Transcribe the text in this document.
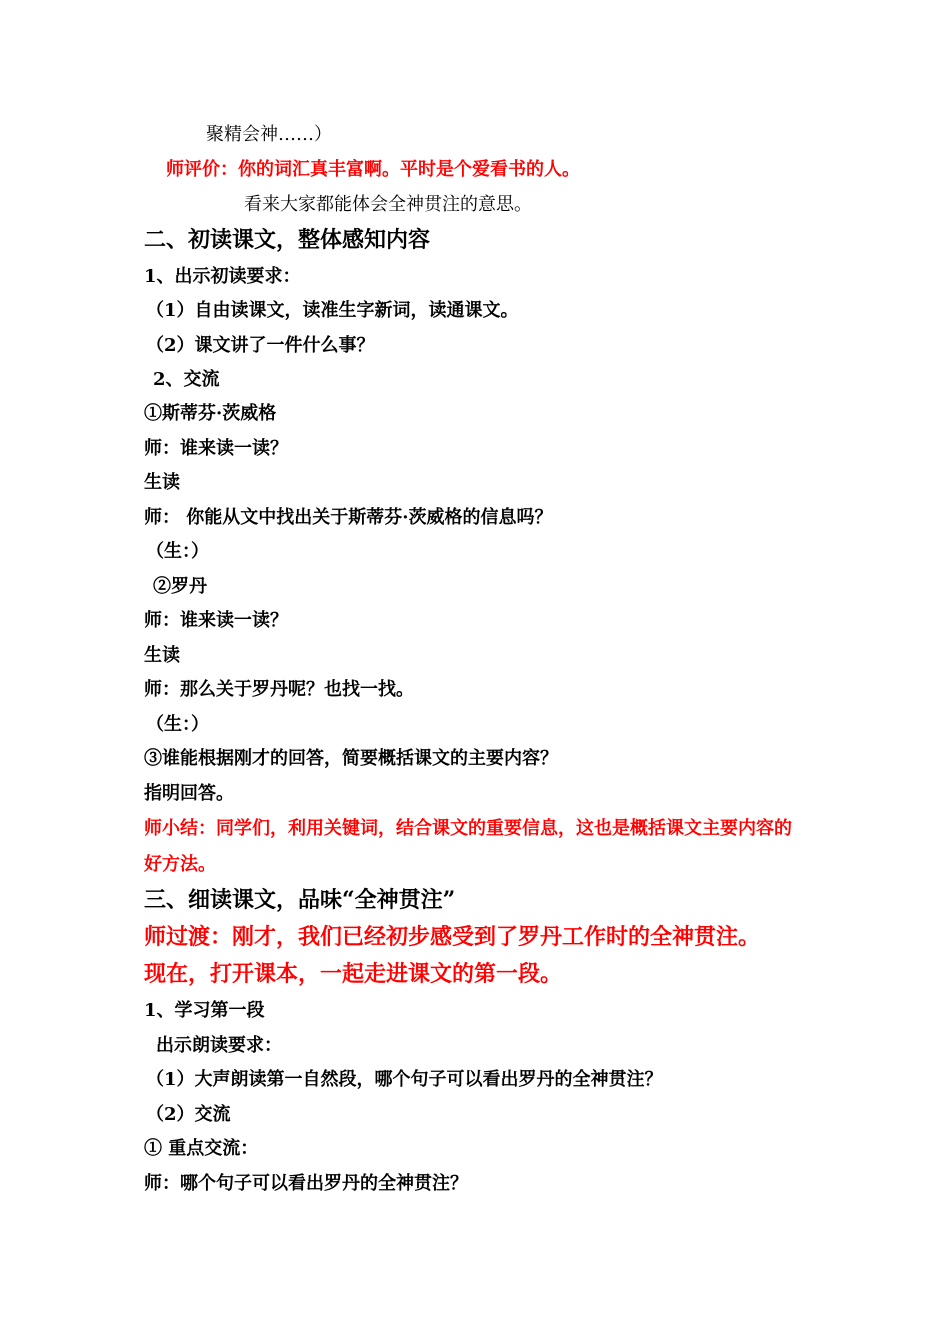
聚精会神……）
师评价：你的词汇真丰富啊。平时是个爱看书的人。
看来大家都能体会全神贯注的意思。
二、初读课文，整体感知内容
1、出示初读要求：
（1）自由读课文，读准生字新词，读通课文。
（2）课文讲了一件什么事？
2、交流
①斯蒂芬·茨威格
师：谁来读一读？
生读
师： 你能从文中找出关于斯蒂芬·茨威格的信息吗？
（生：）
②罗丹
师：谁来读一读？
生读
师：那么关于罗丹呢？也找一找。
（生：）
③谁能根据刚才的回答，简要概括课文的主要内容？
指明回答。
师小结：同学们，利用关键词，结合课文的重要信息，这也是概括课文主要内容的
好方法。
三、细读课文，品味“全神贯注”
师过渡：刚才，我们已经初步感受到了罗丹工作时的全神贯注。
现在，打开课本，一起走进课文的第一段。
1、学习第一段
出示朗读要求：
（1）大声朗读第一自然段，哪个句子可以看出罗丹的全神贯注？
（2）交流
① 重点交流：
师：哪个句子可以看出罗丹的全神贯注？
